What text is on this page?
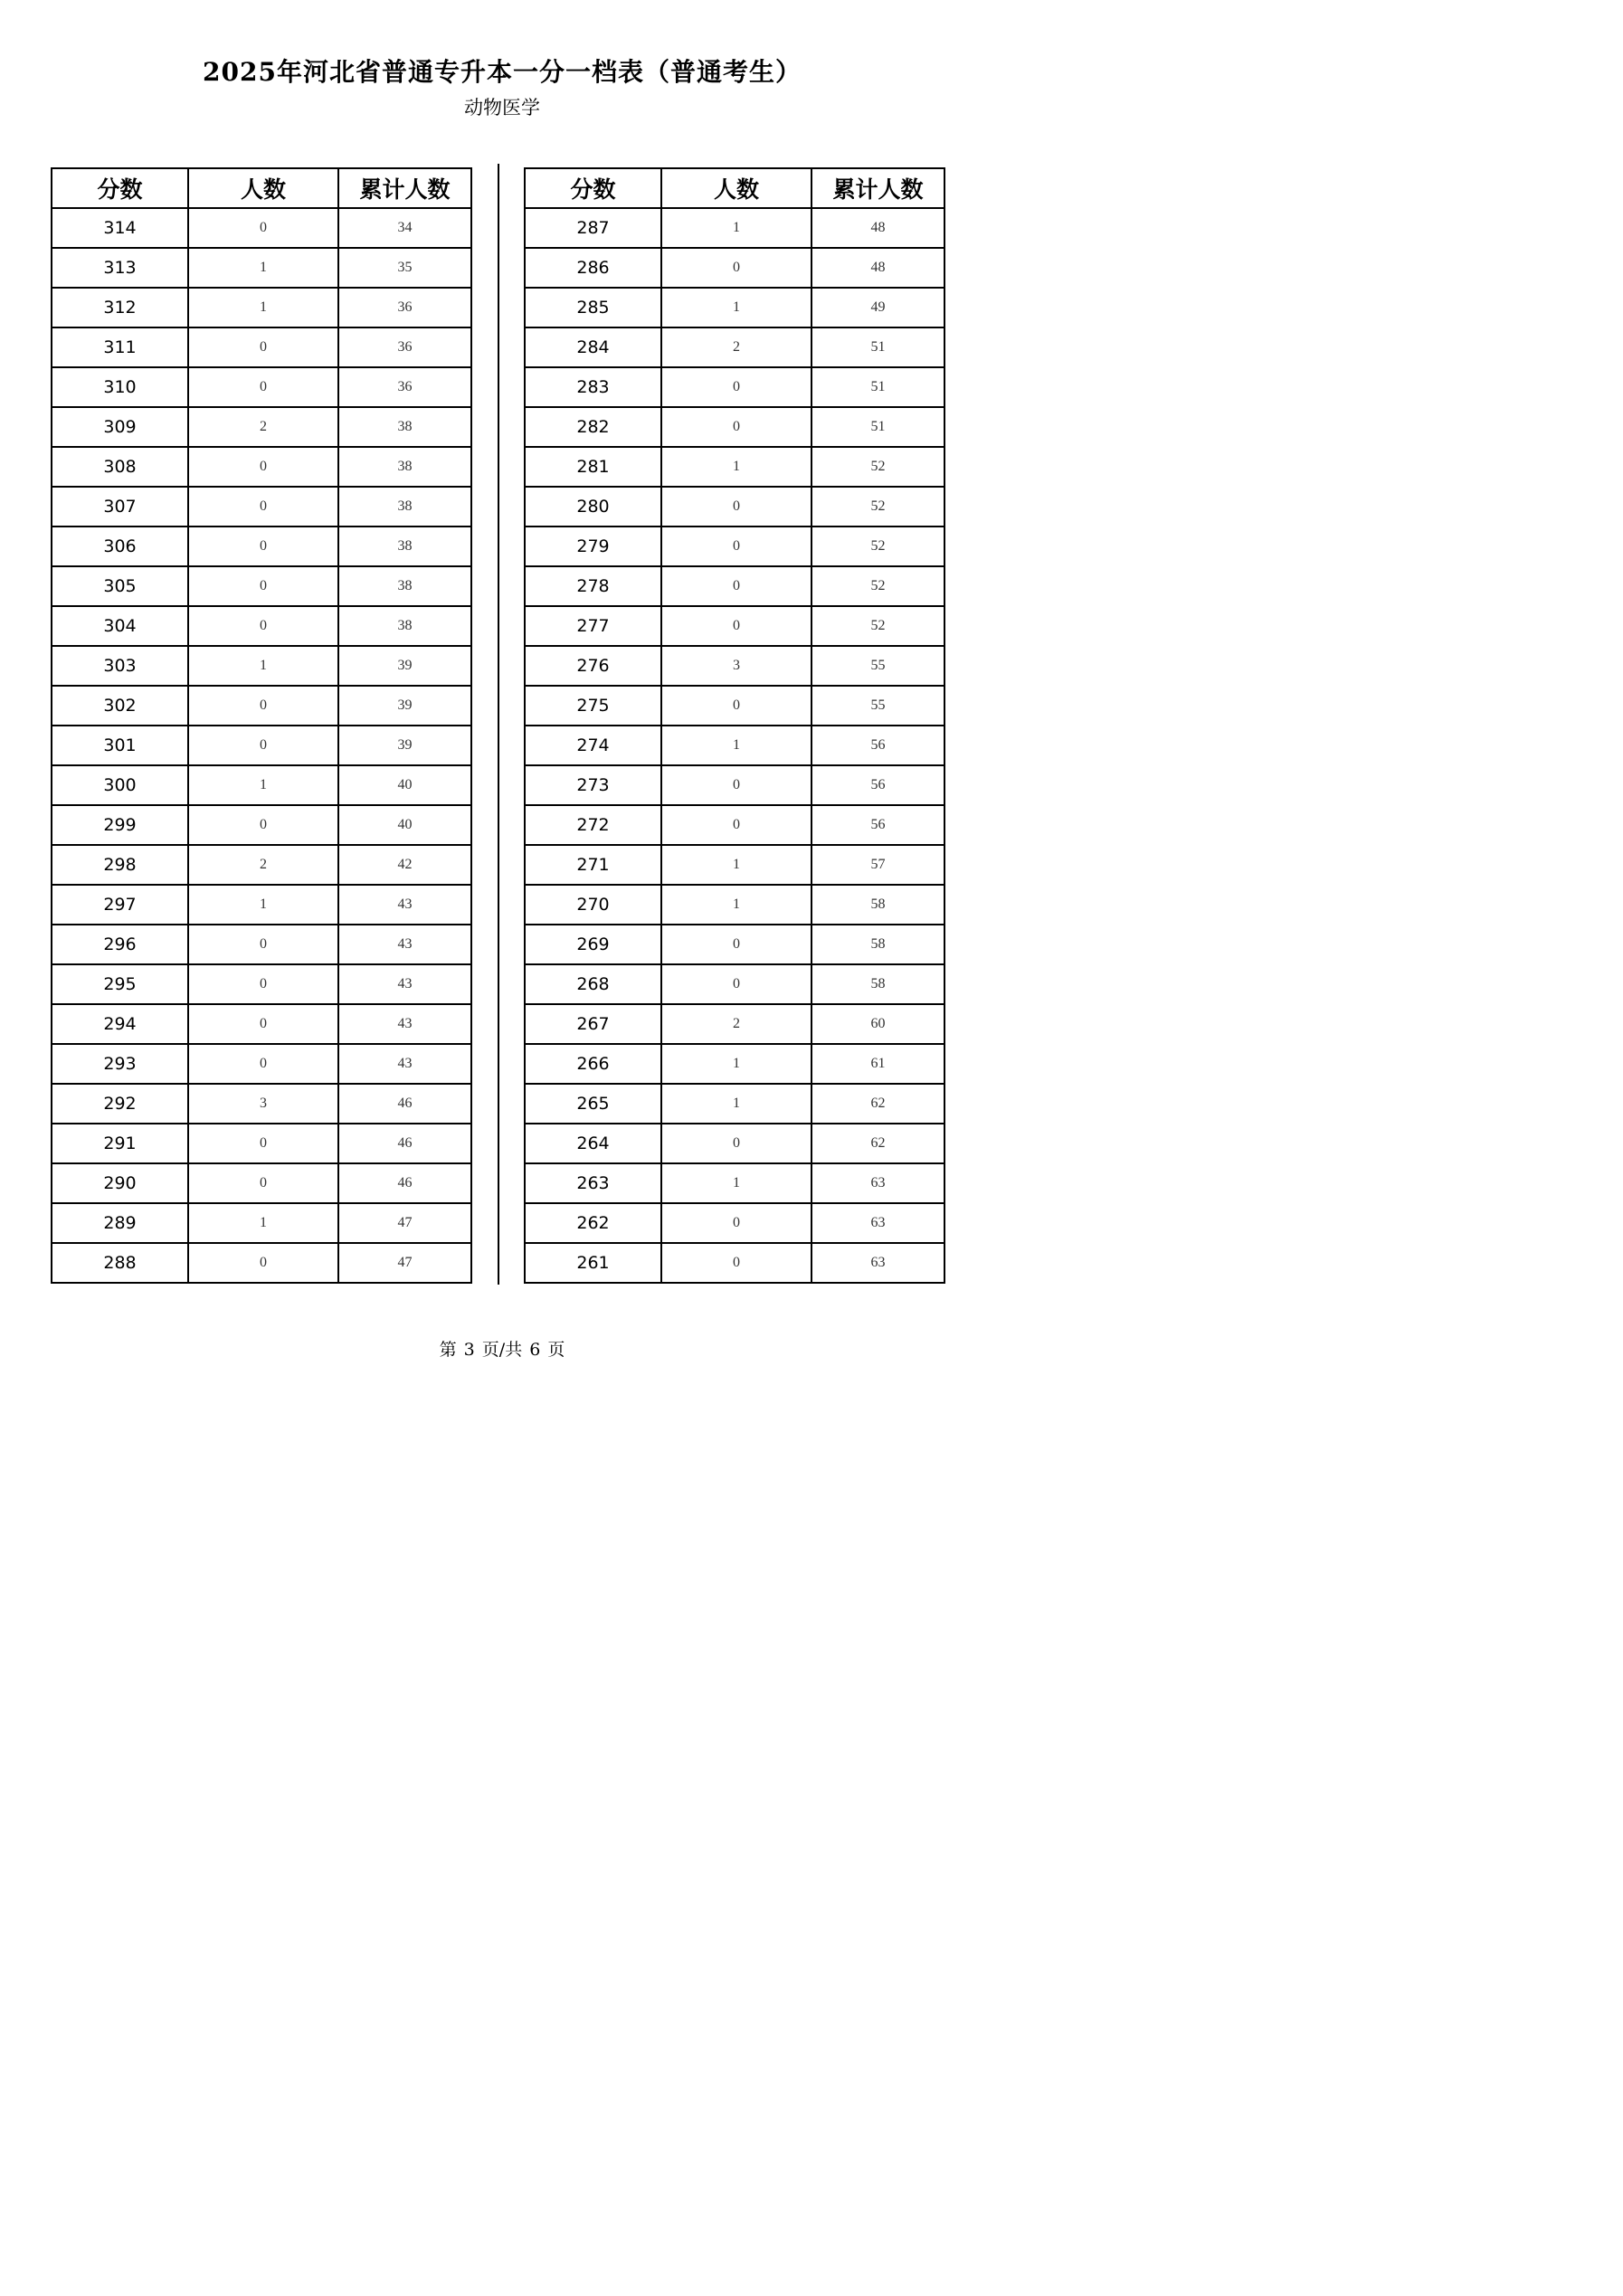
2025年河北省普通专升本一分一档表（普通考生）
动物医学
分数	人数	累计人数
314	0	34
313	1	35
312	1	36
311	0	36
310	0	36
309	2	38
308	0	38
307	0	38
306	0	38
305	0	38
304	0	38
303	1	39
302	0	39
301	0	39
300	1	40
299	0	40
298	2	42
297	1	43
296	0	43
295	0	43
294	0	43
293	0	43
292	3	46
291	0	46
290	0	46
289	1	47
288	0	47
分数	人数	累计人数
287	1	48
286	0	48
285	1	49
284	2	51
283	0	51
282	0	51
281	1	52
280	0	52
279	0	52
278	0	52
277	0	52
276	3	55
275	0	55
274	1	56
273	0	56
272	0	56
271	1	57
270	1	58
269	0	58
268	0	58
267	2	60
266	1	61
265	1	62
264	0	62
263	1	63
262	0	63
261	0	63
第 3 页/共 6 页
